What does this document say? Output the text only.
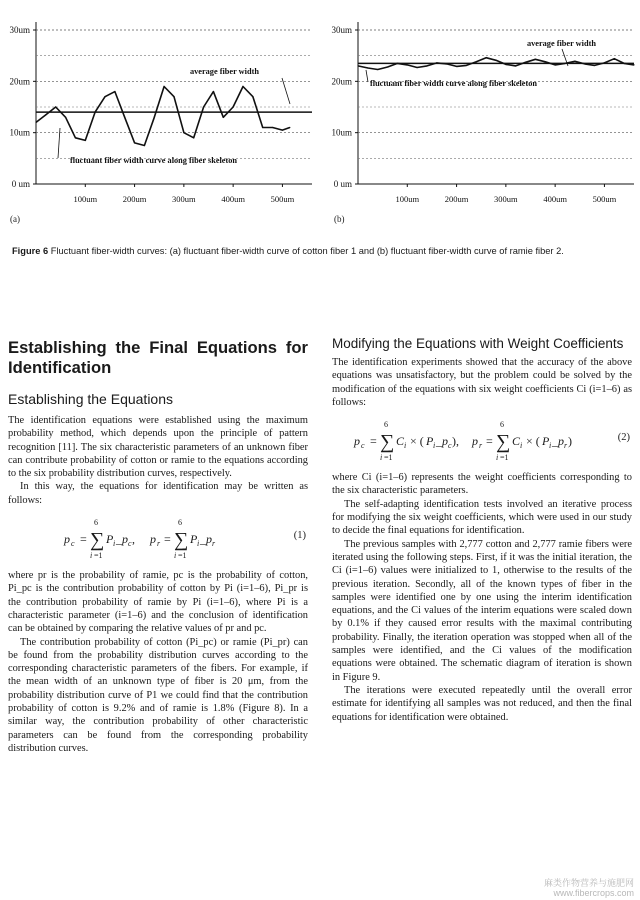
30um
20um
10um
0 um
100um	200um	300um	400um	500um
average fiber width
fluctuant fiber width curve along fiber skeleton
30um
20um
10um
0 um
100um	200um	300um	400um	500um
average fiber width
fluctuant fiber width curve along fiber skeleton
(a)	(b)
Figure 6 Fluctuant fiber-width curves: (a) fluctuant fiber-width curve of cotton fiber 1 and (b) fluctuant fiber-width curve of ramie fiber 2.
Establishing the Final Equations for Identification
Establishing the Equations

The identification equations were established using the maximum probability method, which depends upon the principle of pattern recognition [11]. The six characteristic parameters of an unknown fiber can contribute probability of cotton or ramie to the equations according to the six probability distribution curves, respectively.

In this way, the equations for identification may be written as follows:

p c = ∑
6
i =1
P i _ p c , p r = ∑
6
i =1
P i _ p r
(1)

where pr is the probability of ramie, pc is the probability of cotton, Pi_pc is the contribution probability of cotton by Pi (i=1–6), Pi_pr is the contribution probability of ramie by Pi (i=1–6), where Pi is a characteristic parameter (i=1–6) and the conclusion of identification can be obtained by comparing the relative values of pr and pc.

The contribution probability of cotton (Pi_pc) or ramie (Pi_pr) can be found from the probability distribution curves according to the corresponding characteristic parameters of the fibers. For example, if the mean width of an unknown type of fiber is 20 μm, from the probability distribution curve of P1 we could find that the contribution probability of cotton is 9.2% and of ramie is 1.8% (Figure 8). In a similar way, the contribution probability of other characteristic parameters can be found from the corresponding probability distribution curves.

Modifying the Equations with Weight Coefficients

The identification experiments showed that the accuracy of the above equations was unsatisfactory, but the problem could be solved by the modification of the equations with six weight coefficients Ci (i=1–6) as follows:

p c = ∑
6
i =1
C i × ( P i _ p c ), p r = ∑
6
i =1
C i × ( P i _ p r )	(2)

where Ci (i=1–6) represents the weight coefficients corresponding to the six characteristic parameters.

The self-adapting identification tests involved an iterative process for modifying the six weight coefficients, which were used in our study to decide the final equations for identification.

The previous samples with 2,777 cotton and 2,777 ramie fibers were iterated using the following steps. First, if it was the initial iteration, the Ci (i=1–6) values were initialized to 1, otherwise to the results of the previous iteration. Secondly, all of the known types of fiber in the samples were identified one by one using the interim identification equations, and the Ci values of the interim equations were scaled down by 0.1% if they caused error results with the maximal contributing probability. Finally, the iteration operation was stopped when all of the samples were identified, and the Ci values of the modification equations were obtained. The schematic diagram of iteration is shown in Figure 9.

The iterations were executed repeatedly until the overall error estimate for identifying all samples was not reduced, and then the final equations for identification were obtained.

麻类作物营养与施肥网
www.fibercrops.com
